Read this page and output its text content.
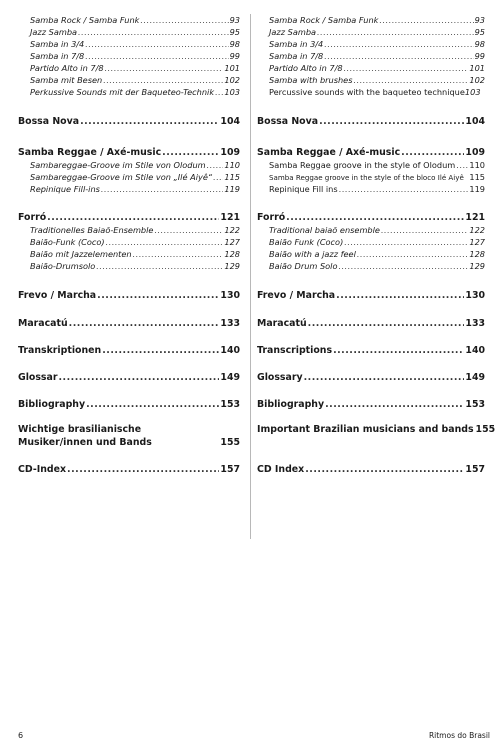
Samba Rock / Samba Funk .....	93
Jazz Samba .....	95
Samba in 3/4 .....	98
Samba in 7/8 .....	99
Partido Alto in 7/8 .....	101
Samba mit Besen .....	102
Perkussive Sounds mit der Baqueteo-Technik ..... 103
Bossa Nova .....	104
Samba Reggae / Axé-music .....	109
Sambareggae-Groove im Stile von Olodum ..... 110
Sambareggae-Groove im Stile von „Ilé Aiyê“ ..... 115
Repinique Fill-ins .....	119
Forró .....	121
Traditionelles Baiaõ-Ensemble .....	122
Baião-Funk (Coco) .....	127
Baião mit Jazzelementen .....	128
Baião-Drumsolo .....	129
Frevo / Marcha .....	130
Maracatú .....	133
Transkriptionen .....	140
Glossar .....	149
Bibliography .....	153
Wichtige brasilianische Musiker/innen und Bands	155
CD-Index .....	157
Samba Rock / Samba Funk .....	93
Jazz Samba .....	95
Samba in 3/4 .....	98
Samba in 7/8 .....	99
Partido Alto in 7/8 .....	101
Samba with brushes .....	102
Percussive sounds with the baqueteo technique 103
Bossa Nova .....	104
Samba Reggae / Axé-music .....	109
Samba Reggae groove in the style of Olodum ..... 110
Samba Reggae groove in the style of the bloco Ilé Aiyê 115
Repinique Fill ins .....	119
Forró .....	121
Traditional baiaõ ensemble .....	122
Baião Funk (Coco) .....	127
Baião with a jazz feel .....	128
Baião Drum Solo .....	129
Frevo / Marcha .....	130
Maracatú .....	133
Transcriptions .....	140
Glossary .....	149
Bibliography .....	153
Important Brazilian musicians and bands 155
CD Index .....	157
6	Ritmos do Brasil
